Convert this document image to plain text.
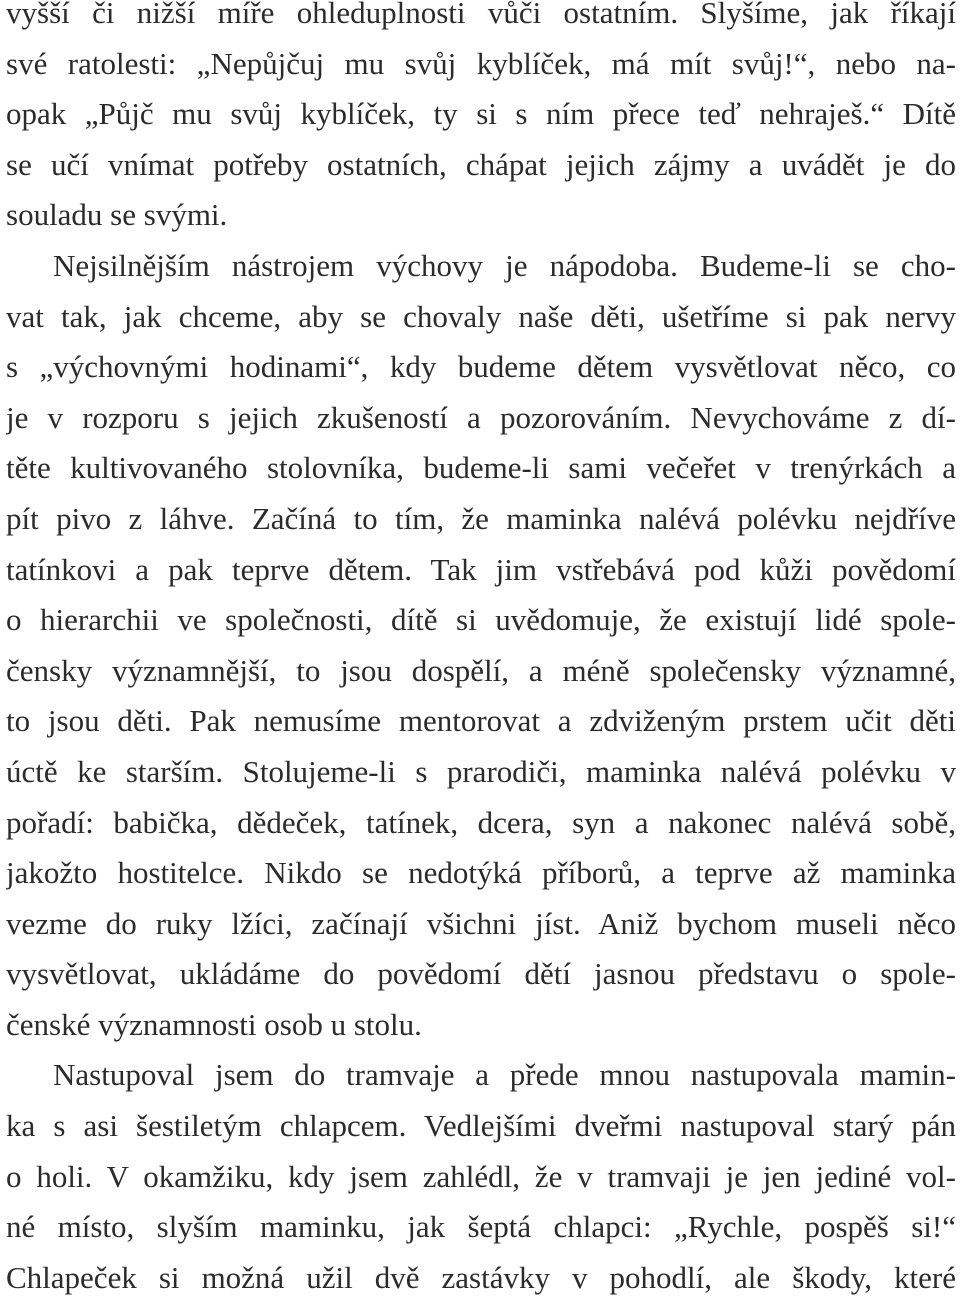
vyšší či nižší míře ohleduplnosti vůči ostatním. Slyšíme, jak říkají
své ratolesti: „Nepůjčuj mu svůj kyblíček, má mít svůj!“, nebo na-
opak „Půjč mu svůj kyblíček, ty si s ním přece teď nehraješ.“ Dítě
se učí vnímat potřeby ostatních, chápat jejich zájmy a uvádět je do
souladu se svými.
Nejsilnějším nástrojem výchovy je nápodoba. Budeme-li se cho-
vat tak, jak chceme, aby se chovaly naše děti, ušetříme si pak nervy
s „výchovnými hodinami“, kdy budeme dětem vysvětlovat něco, co
je v rozporu s jejich zkušeností a pozorováním. Nevychováme z dí-
těte kultivovaného stolovníka, budeme-li sami večeřet v trenýrkách a
pít pivo z láhve. Začíná to tím, že maminka nalévá polévku nejdříve
tatínkovi a pak teprve dětem. Tak jim vstřebává pod kůži povědomí
o hierarchii ve společnosti, dítě si uvědomuje, že existují lidé spole-
čensky významnější, to jsou dospělí, a méně společensky významné,
to jsou děti. Pak nemusíme mentorovat a zdviženým prstem učit děti
úctě ke starším. Stolujeme-li s prarodiči, maminka nalévá polévku v
pořadí: babička, dědeček, tatínek, dcera, syn a nakonec nalévá sobě,
jakožto hostitelce. Nikdo se nedotýká příborů, a teprve až maminka
vezme do ruky lžíci, začínají všichni jíst. Aniž bychom museli něco
vysvětlovat, ukládáme do povědomí dětí jasnou představu o spole-
čenské významnosti osob u stolu.
Nastupoval jsem do tramvaje a přede mnou nastupovala mamin-
ka s asi šestiletým chlapcem. Vedlejšími dveřmi nastupoval starý pán
o holi. V okamžiku, kdy jsem zahlédl, že v tramvaji je jen jediné vol-
né místo, slyším maminku, jak šeptá chlapci: „Rychle, pospěš si!“
Chlapeček si možná užil dvě zastávky v pohodlí, ale škody, které
